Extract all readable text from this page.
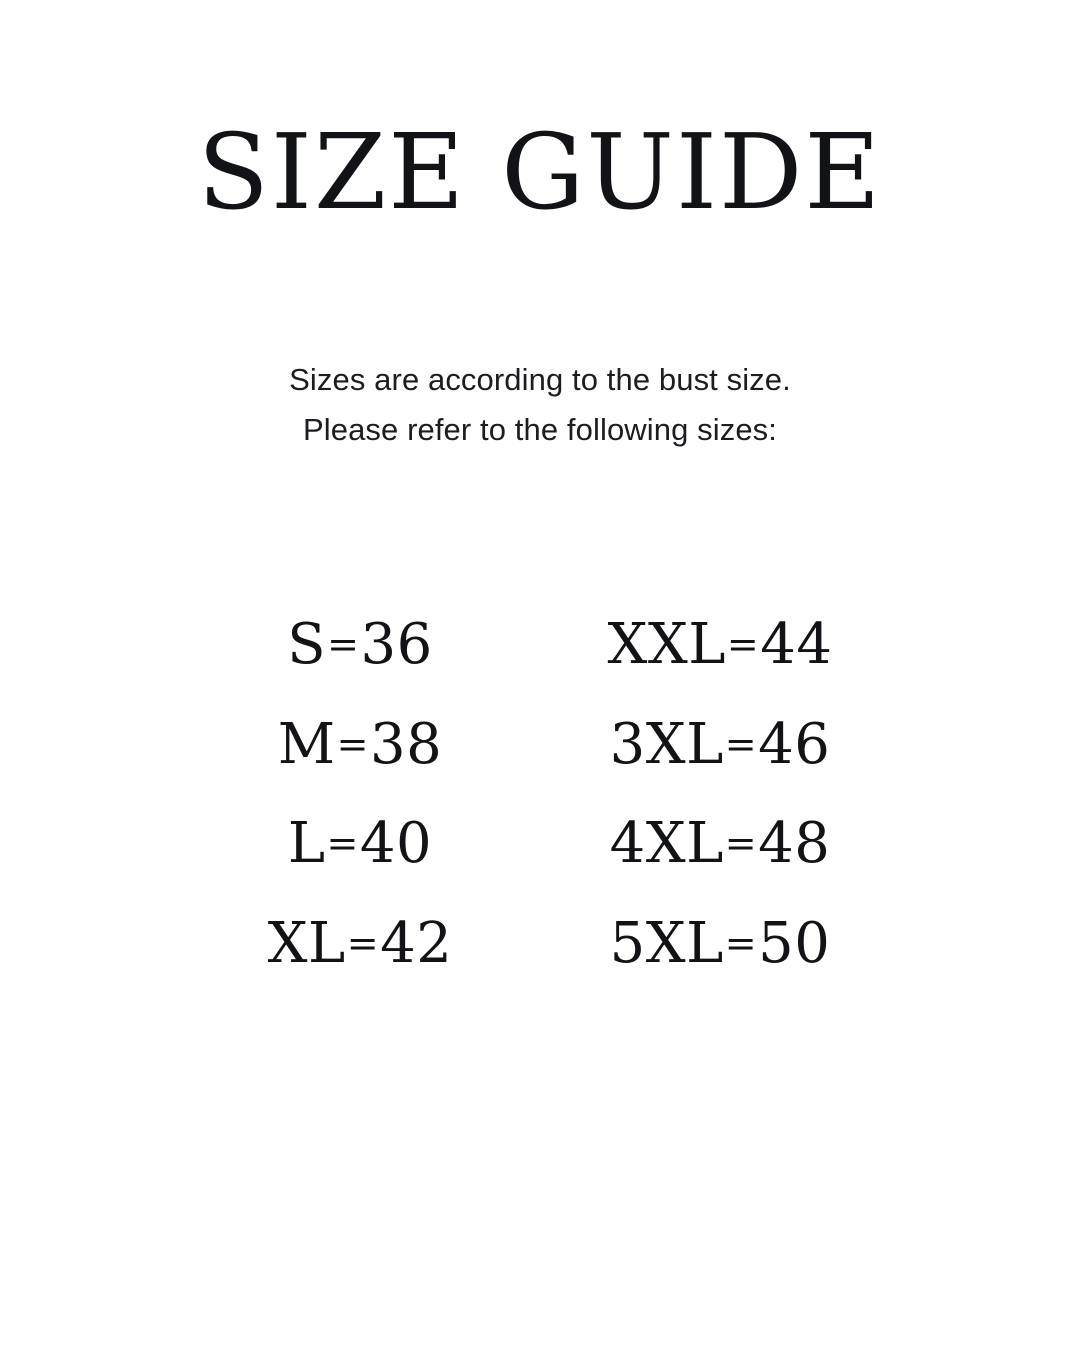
SIZE GUIDE
Sizes are according to the bust size.
Please refer to the following sizes:
S=36	XXL=44
M=38	3XL=46
L=40	4XL=48
XL=42	5XL=50
